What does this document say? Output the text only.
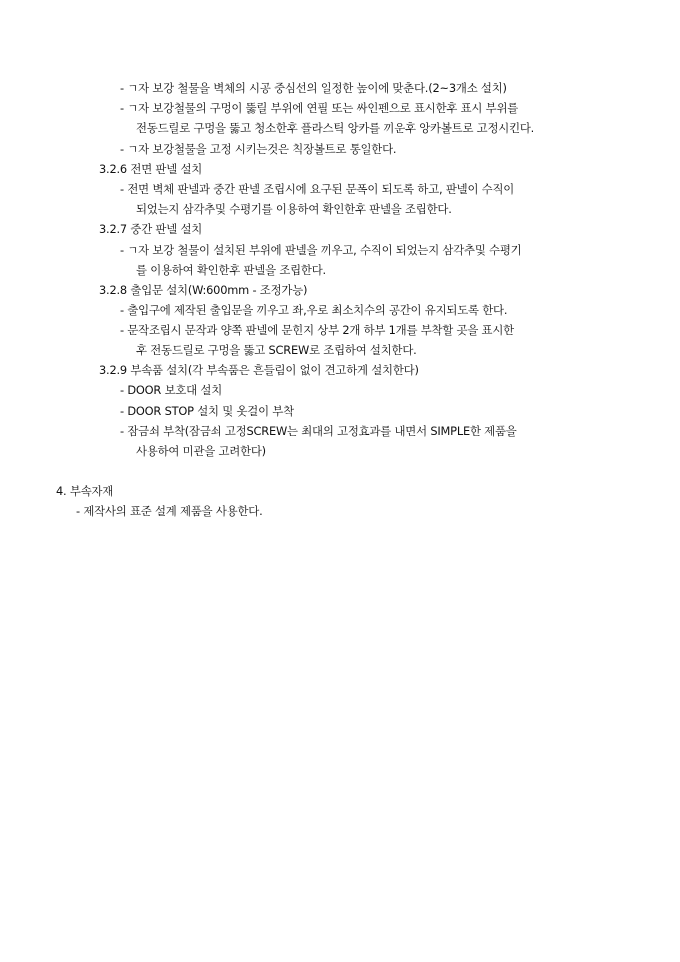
- ㄱ자 보강 철물을 벽체의 시공 중심선의 일정한 높이에 맞춘다.(2~3개소 설치)
- ㄱ자 보강철물의 구멍이 뚫릴 부위에 연필 또는 싸인펜으로 표시한후 표시 부위를
전동드릴로 구멍을 뚫고 청소한후 플라스틱 앙카를 끼운후 앙카볼트로 고정시킨다.
- ㄱ자 보강철물을 고정 시키는것은 칙장볼트로 통일한다.
3.2.6 전면 판넬 설치
- 전면 벽체 판넬과 중간 판넬 조립시에 요구된 문폭이 되도록 하고, 판넬이 수직이
되었는지 삼각추및 수평기를 이용하여 확인한후 판넬을 조립한다.
3.2.7 중간 판넬 설치
- ㄱ자 보강 철물이 설치된 부위에 판넬을 끼우고, 수직이 되었는지 삼각추및 수평기
를 이용하여 확인한후 판넬을 조립한다.
3.2.8 출입문 설치(W:600mm - 조정가능)
- 출입구에 제작된 출입문을 끼우고 좌,우로 최소치수의 공간이 유지되도록 한다.
- 문작조립시 문작과 양쪽 판넬에 문힌지 상부 2개 하부 1개를 부착할 곳을 표시한
후 전동드릴로 구멍을 뚫고 SCREW로 조립하여 설치한다.
3.2.9 부속품 설치(각 부속품은 흔들림이 없이 견고하게 설치한다)
- DOOR 보호대 설치
- DOOR STOP 설치 및 옷걸이 부착
- 잠금쇠 부착(잠금쇠 고정SCREW는 최대의 고정효과를 내면서 SIMPLE한 제품을
사용하여 미관을 고려한다)
4. 부속자재
- 제작사의 표준 설계 제품을 사용한다.
